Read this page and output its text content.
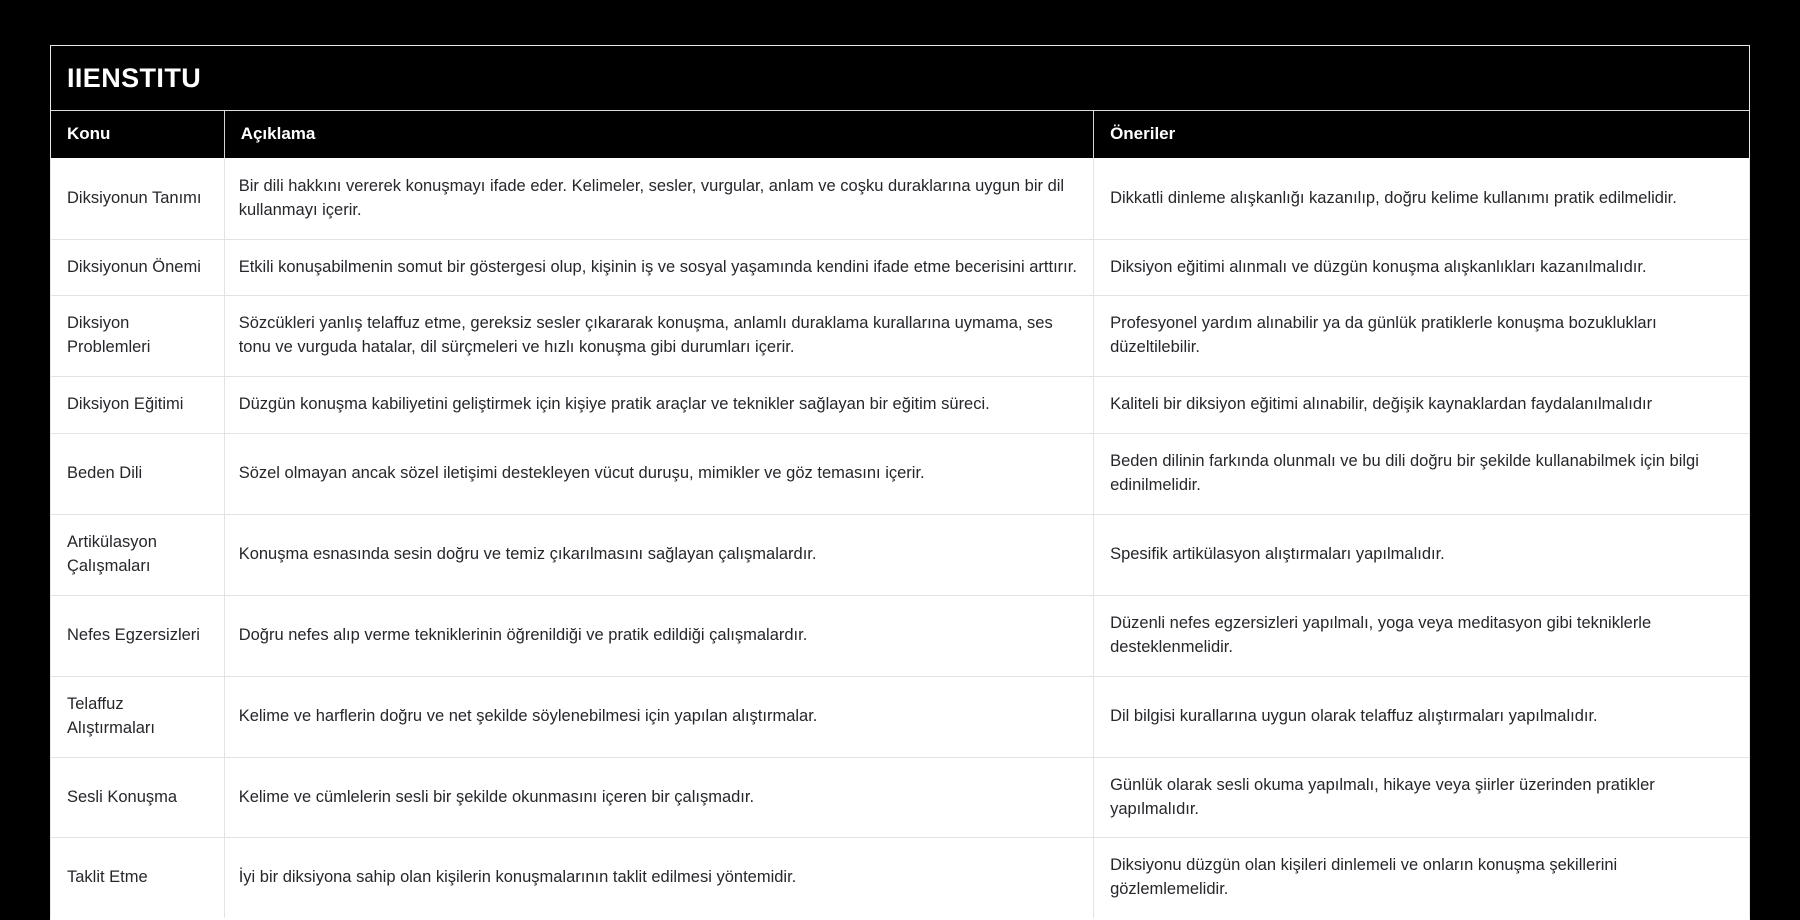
IIENSTITU
Konu	Açıklama	Öneriler
Diksiyonun Tanımı	Bir dili hakkını vererek konuşmayı ifade eder. Kelimeler, sesler, vurgular, anlam ve coşku duraklarına uygun bir dil kullanmayı içerir.	Dikkatli dinleme alışkanlığı kazanılıp, doğru kelime kullanımı pratik edilmelidir.
Diksiyonun Önemi	Etkili konuşabilmenin somut bir göstergesi olup, kişinin iş ve sosyal yaşamında kendini ifade etme becerisini arttırır.	Diksiyon eğitimi alınmalı ve düzgün konuşma alışkanlıkları kazanılmalıdır.
Diksiyon Problemleri	Sözcükleri yanlış telaffuz etme, gereksiz sesler çıkararak konuşma, anlamlı duraklama kurallarına uymama, ses tonu ve vurguda hatalar, dil sürçmeleri ve hızlı konuşma gibi durumları içerir.	Profesyonel yardım alınabilir ya da günlük pratiklerle konuşma bozuklukları düzeltilebilir.
Diksiyon Eğitimi	Düzgün konuşma kabiliyetini geliştirmek için kişiye pratik araçlar ve teknikler sağlayan bir eğitim süreci.	Kaliteli bir diksiyon eğitimi alınabilir, değişik kaynaklardan faydalanılmalıdır
Beden Dili	Sözel olmayan ancak sözel iletişimi destekleyen vücut duruşu, mimikler ve göz temasını içerir.	Beden dilinin farkında olunmalı ve bu dili doğru bir şekilde kullanabilmek için bilgi edinilmelidir.
Artikülasyon Çalışmaları	Konuşma esnasında sesin doğru ve temiz çıkarılmasını sağlayan çalışmalardır.	Spesifik artikülasyon alıştırmaları yapılmalıdır.
Nefes Egzersizleri	Doğru nefes alıp verme tekniklerinin öğrenildiği ve pratik edildiği çalışmalardır.	Düzenli nefes egzersizleri yapılmalı, yoga veya meditasyon gibi tekniklerle desteklenmelidir.
Telaffuz Alıştırmaları	Kelime ve harflerin doğru ve net şekilde söylenebilmesi için yapılan alıştırmalar.	Dil bilgisi kurallarına uygun olarak telaffuz alıştırmaları yapılmalıdır.
Sesli Konuşma	Kelime ve cümlelerin sesli bir şekilde okunmasını içeren bir çalışmadır.	Günlük olarak sesli okuma yapılmalı, hikaye veya şiirler üzerinden pratikler yapılmalıdır.
Taklit Etme	İyi bir diksiyona sahip olan kişilerin konuşmalarının taklit edilmesi yöntemidir.	Diksiyonu düzgün olan kişileri dinlemeli ve onların konuşma şekillerini gözlemlemelidir.
